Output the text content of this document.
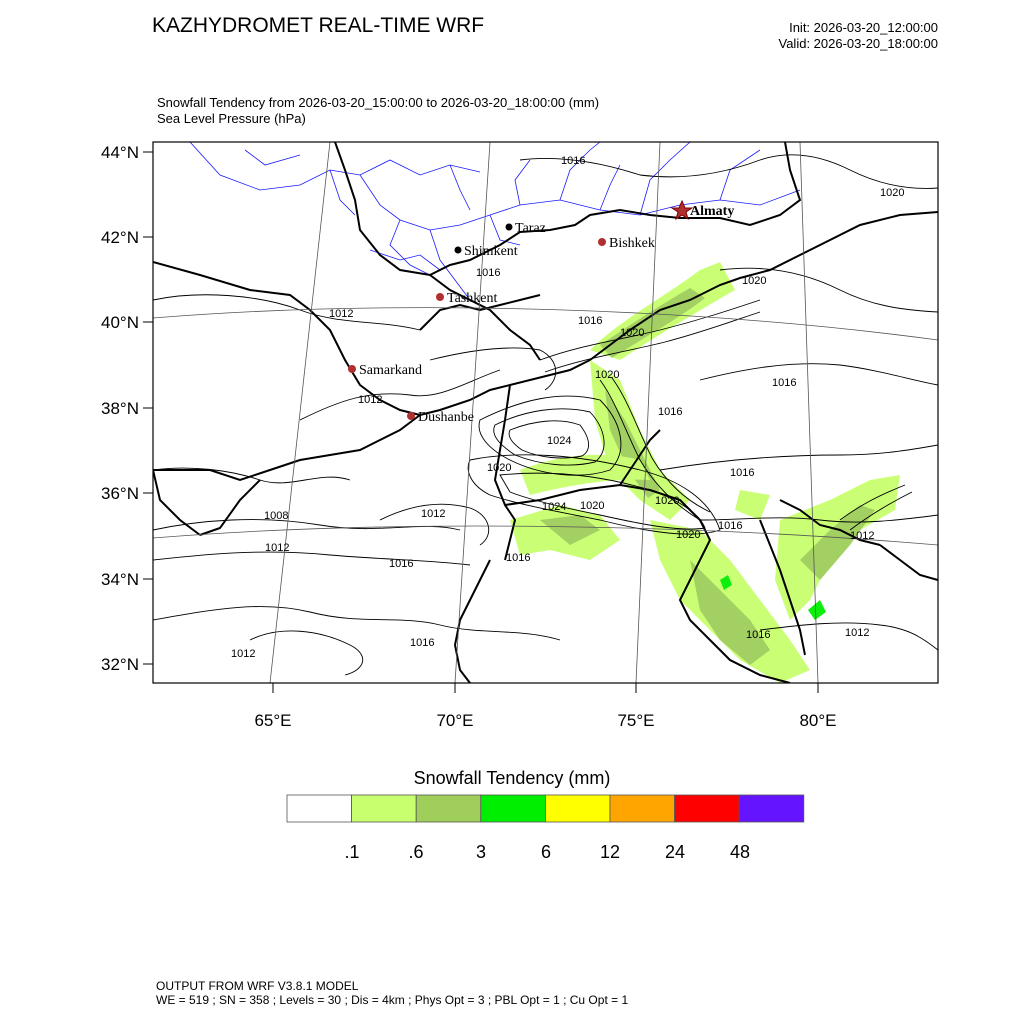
KAZHYDROMET REAL-TIME WRF	Init: 2026-03-20_12:00:00
Valid: 2026-03-20_18:00:00
Snowfall Tendency from 2026-03-20_15:00:00 to 2026-03-20_18:00:00 (mm)
Sea Level Pressure (hPa)
44°N
42°N
40°N
38°N
36°N
34°N
32°N
65°E	70°E	75°E	80°E
1016
1020
1020
1016
1012
1016
1020
1016
1012
1016
1024
1020	1016
1020
1020
1012
1008
1024	1020
1020
1016
1012
1012
1016	1016
1016
1016	1012
1012
Almaty
Taraz
Shimkent
Bishkek
Tashkent
Samarkand
Dushanbe
Snowfall Tendency (mm)
.1	.6	3	6	12 24 48
OUTPUT FROM WRF V3.8.1 MODEL
WE = 519 ; SN = 358 ; Levels = 30 ; Dis = 4km ; Phys Opt = 3 ; PBL Opt = 1 ; Cu Opt = 1
